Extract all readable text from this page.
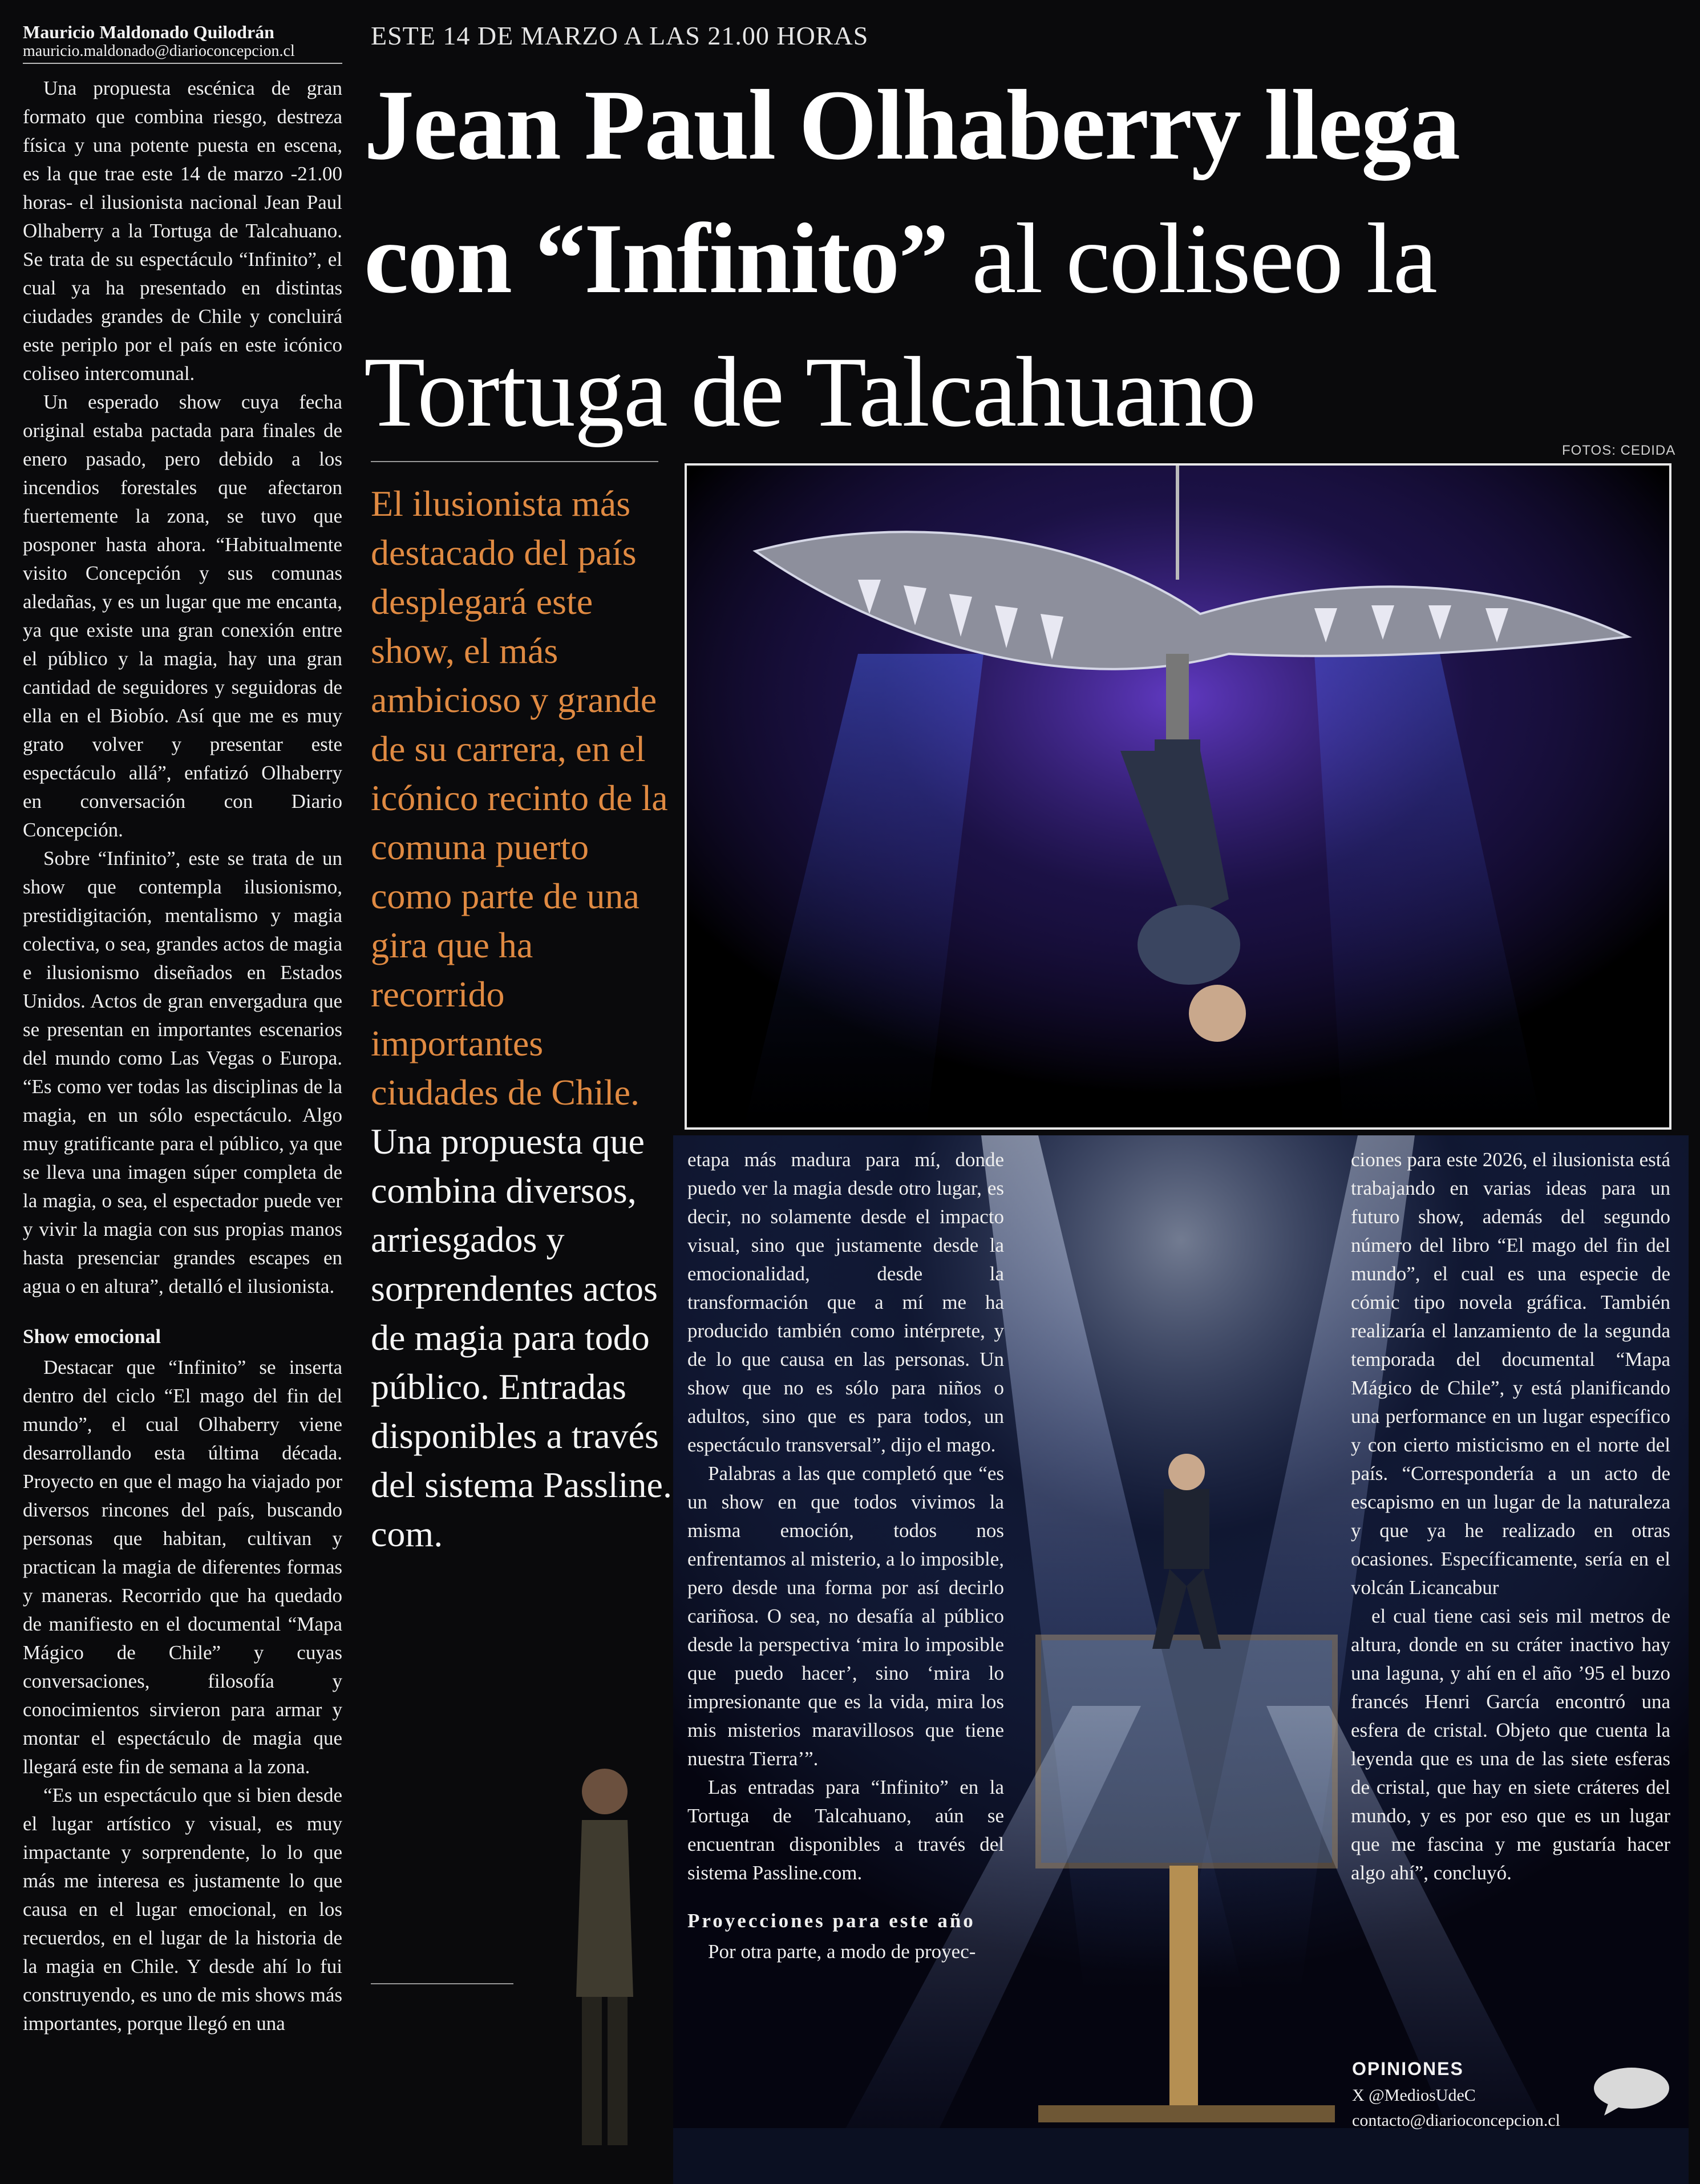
Mauricio Maldonado Quilodrán
mauricio.maldonado@diarioconcepcion.cl
ESTE 14 DE MARZO A LAS 21.00 HORAS
Jean Paul Olhaberry llega
con “Infinito” al coliseo la
Tortuga de Talcahuano

Una propuesta escénica de gran formato que combina riesgo, destreza física y una potente puesta en escena, es la que trae este 14 de marzo -21.00 horas- el ilusionista nacional Jean Paul Olhaberry a la Tortuga de Talcahuano. Se trata de su espectáculo “Infinito”, el cual ya ha presentado en distintas ciudades grandes de Chile y concluirá este periplo por el país en este icónico coliseo intercomunal.

Un esperado show cuya fecha original estaba pactada para finales de enero pasado, pero debido a los incendios forestales que afectaron fuertemente la zona, se tuvo que posponer hasta ahora. “Habitualmente visito Concepción y sus comunas aledañas, y es un lugar que me encanta, ya que existe una gran conexión entre el público y la magia, hay una gran cantidad de seguidores y seguidoras de ella en el Biobío. Así que me es muy grato volver y presentar este espectáculo allá”, enfatizó Olhaberry en conversación con Diario Concepción.

Sobre “Infinito”, este se trata de un show que contempla ilusionismo, prestidigitación, mentalismo y magia colectiva, o sea, grandes actos de magia e ilusionismo diseñados en Estados Unidos. Actos de gran envergadura que se presentan en importantes escenarios del mundo como Las Vegas o Europa. “Es como ver todas las disciplinas de la magia, en un sólo espectáculo. Algo muy gratificante para el público, ya que se lleva una imagen súper completa de la magia, o sea, el espectador puede ver y vivir la magia con sus propias manos hasta presenciar grandes escapes en agua o en altura”, detalló el ilusionista.

Show emocional

Destacar que “Infinito” se inserta dentro del ciclo “El mago del fin del mundo”, el cual Olhaberry viene desarrollando esta última década. Proyecto en que el mago ha viajado por diversos rincones del país, buscando personas que habitan, cultivan y practican la magia de diferentes formas y maneras. Recorrido que ha quedado de manifiesto en el documental “Mapa Mágico de Chile” y cuyas conversaciones, filosofía y conocimientos sirvieron para armar y montar el espectáculo de magia que llegará este fin de semana a la zona.

“Es un espectáculo que si bien desde el lugar artístico y visual, es muy impactante y sorprendente, lo lo que más me interesa es justamente lo que causa en el lugar emocional, en los recuerdos, en el lugar de la historia de la magia en Chile. Y desde ahí lo fui construyendo, es uno de mis shows más importantes, porque llegó en una

El ilusionista más destacado del país desplegará este show, el más ambicioso y grande de su carrera, en el icónico recinto de la comuna puerto como parte de una gira que ha recorrido importantes ciudades de Chile. Una propuesta que combina diversos, arriesgados y sorprendentes actos de magia para todo público. Entradas disponibles a través del sistema Passline. com.
FOTOS: CEDIDA

etapa más madura para mí, donde puedo ver la magia desde otro lugar, es decir, no solamente desde el impacto visual, sino que justamente desde la emocionalidad, desde la transformación que a mí me ha producido también como intérprete, y de lo que causa en las personas. Un show que no es sólo para niños o adultos, sino que es para todos, un espectáculo transversal”, dijo el mago.

Palabras a las que completó que “es un show en que todos vivimos la misma emoción, todos nos enfrentamos al misterio, a lo imposible, pero desde una forma por así decirlo cariñosa. O sea, no desafía al público desde la perspectiva ‘mira lo imposible que puedo hacer’, sino ‘mira lo impresionante que es la vida, mira los mis misterios maravillosos que tiene nuestra Tierra’”.

Las entradas para “Infinito” en la Tortuga de Talcahuano, aún se encuentran disponibles a través del sistema Passline.com.

Proyecciones para este año

Por otra parte, a modo de proyec-

ciones para este 2026, el ilusionista está trabajando en varias ideas para un futuro show, además del segundo número del libro “El mago del fin del mundo”, el cual es una especie de cómic tipo novela gráfica. También realizaría el lanzamiento de la segunda temporada del documental “Mapa Mágico de Chile”, y está planificando una performance en un lugar específico y con cierto misticismo en el norte del país. “Correspondería a un acto de escapismo en un lugar de la naturaleza y que ya he realizado en otras ocasiones. Específicamente, sería en el volcán Licancabur

el cual tiene casi seis mil metros de altura, donde en su cráter inactivo hay una laguna, y ahí en el año ’95 el buzo francés Henri García encontró una esfera de cristal. Objeto que cuenta la leyenda que es una de las siete esferas de cristal, que hay en siete cráteres del mundo, y es por eso que es un lugar que me fascina y me gustaría hacer algo ahí”, concluyó.

OPINIONES
X @MediosUdeC
contacto@diarioconcepcion.cl
